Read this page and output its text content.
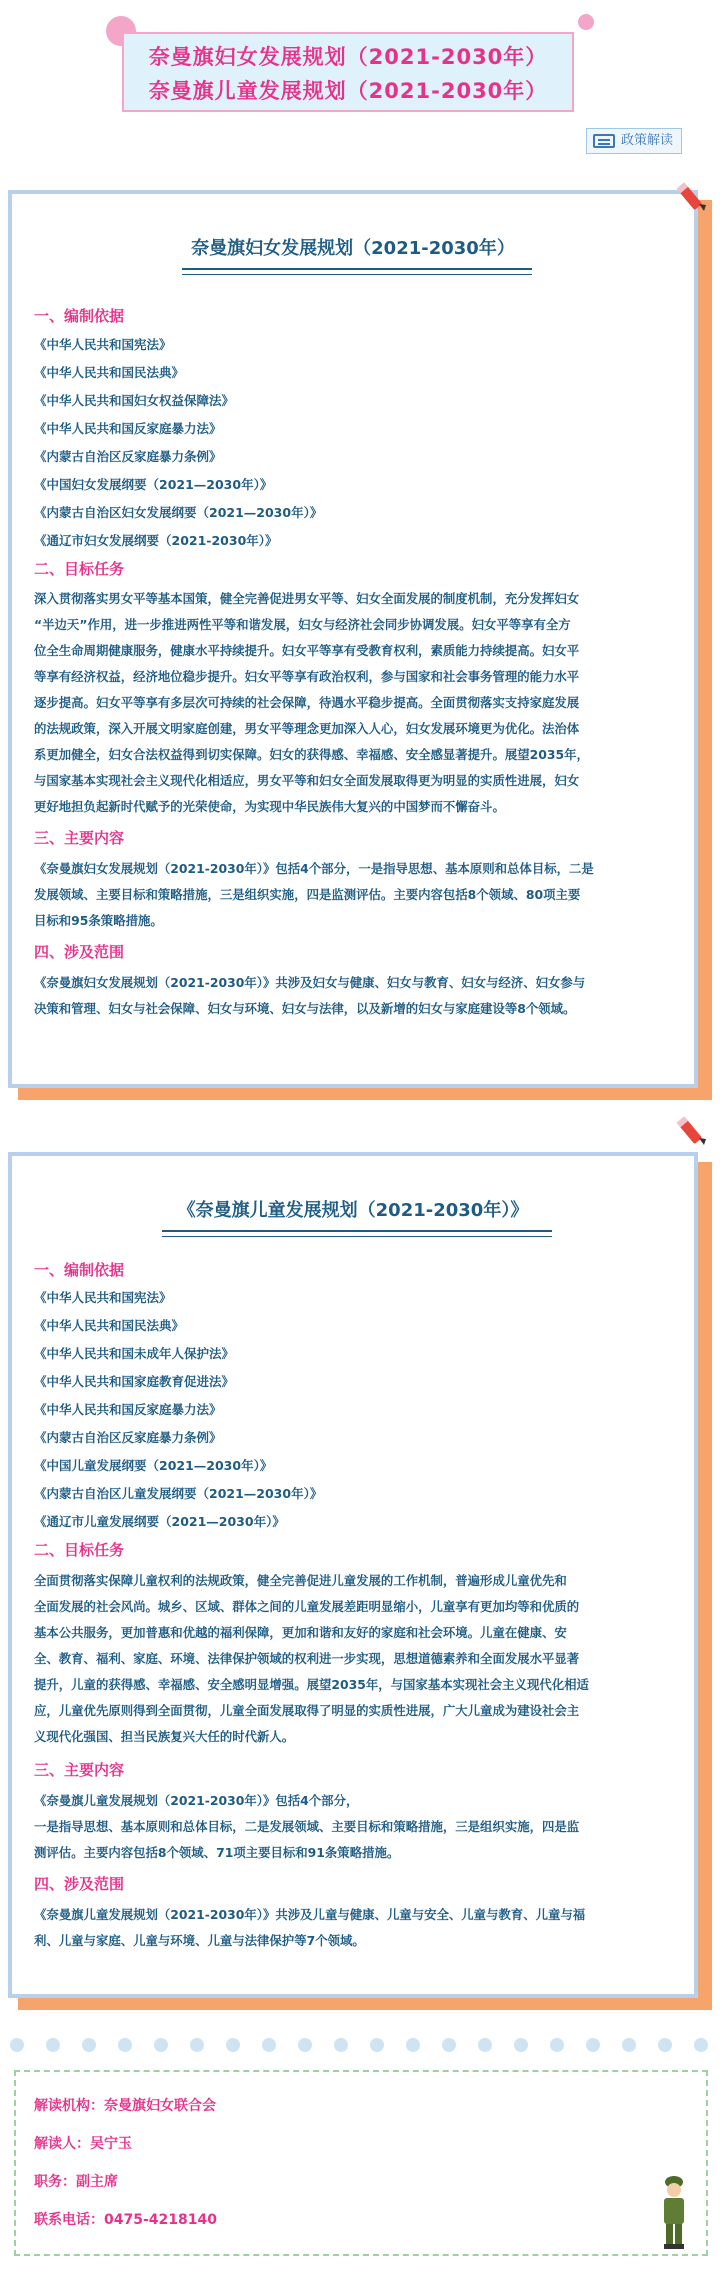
奈曼旗妇女发展规划（2021-2030年）
奈曼旗儿童发展规划（2021-2030年）
政策解读
奈曼旗妇女发展规划（2021-2030年）
一、编制依据
《中华人民共和国宪法》
《中华人民共和国民法典》
《中华人民共和国妇女权益保障法》
《中华人民共和国反家庭暴力法》
《内蒙古自治区反家庭暴力条例》
《中国妇女发展纲要（2021—2030年）》
《内蒙古自治区妇女发展纲要（2021—2030年）》
《通辽市妇女发展纲要（2021-2030年）》
二、目标任务
深入贯彻落实男女平等基本国策，健全完善促进男女平等、妇女全面发展的制度机制，充分发挥妇女
“半边天”作用，进一步推进两性平等和谐发展，妇女与经济社会同步协调发展。妇女平等享有全方
位全生命周期健康服务，健康水平持续提升。妇女平等享有受教育权利，素质能力持续提高。妇女平
等享有经济权益，经济地位稳步提升。妇女平等享有政治权利，参与国家和社会事务管理的能力水平
逐步提高。妇女平等享有多层次可持续的社会保障，待遇水平稳步提高。全面贯彻落实支持家庭发展
的法规政策，深入开展文明家庭创建，男女平等理念更加深入人心，妇女发展环境更为优化。法治体
系更加健全，妇女合法权益得到切实保障。妇女的获得感、幸福感、安全感显著提升。展望2035年，
与国家基本实现社会主义现代化相适应，男女平等和妇女全面发展取得更为明显的实质性进展，妇女
更好地担负起新时代赋予的光荣使命，为实现中华民族伟大复兴的中国梦而不懈奋斗。
三、主要内容
《奈曼旗妇女发展规划（2021-2030年）》包括4个部分，一是指导思想、基本原则和总体目标，二是
发展领域、主要目标和策略措施，三是组织实施，四是监测评估。主要内容包括8个领域、80项主要
目标和95条策略措施。
四、涉及范围
《奈曼旗妇女发展规划（2021-2030年）》共涉及妇女与健康、妇女与教育、妇女与经济、妇女参与
决策和管理、妇女与社会保障、妇女与环境、妇女与法律，以及新增的妇女与家庭建设等8个领域。
《奈曼旗儿童发展规划（2021-2030年）》
一、编制依据
《中华人民共和国宪法》
《中华人民共和国民法典》
《中华人民共和国未成年人保护法》
《中华人民共和国家庭教育促进法》
《中华人民共和国反家庭暴力法》
《内蒙古自治区反家庭暴力条例》
《中国儿童发展纲要（2021—2030年）》
《内蒙古自治区儿童发展纲要（2021—2030年）》
《通辽市儿童发展纲要（2021—2030年）》
二、目标任务
全面贯彻落实保障儿童权利的法规政策，健全完善促进儿童发展的工作机制，普遍形成儿童优先和
全面发展的社会风尚。城乡、区域、群体之间的儿童发展差距明显缩小，儿童享有更加均等和优质的
基本公共服务，更加普惠和优越的福利保障，更加和谐和友好的家庭和社会环境。儿童在健康、安
全、教育、福利、家庭、环境、法律保护领域的权利进一步实现，思想道德素养和全面发展水平显著
提升，儿童的获得感、幸福感、安全感明显增强。展望2035年，与国家基本实现社会主义现代化相适
应，儿童优先原则得到全面贯彻，儿童全面发展取得了明显的实质性进展，广大儿童成为建设社会主
义现代化强国、担当民族复兴大任的时代新人。
三、主要内容
《奈曼旗儿童发展规划（2021-2030年）》包括4个部分，
一是指导思想、基本原则和总体目标，二是发展领域、主要目标和策略措施，三是组织实施，四是监
测评估。主要内容包括8个领域、71项主要目标和91条策略措施。
四、涉及范围
《奈曼旗儿童发展规划（2021-2030年）》共涉及儿童与健康、儿童与安全、儿童与教育、儿童与福
利、儿童与家庭、儿童与环境、儿童与法律保护等7个领域。
解读机构：奈曼旗妇女联合会
解读人：吴宁玉
职务：副主席
联系电话：0475-4218140
